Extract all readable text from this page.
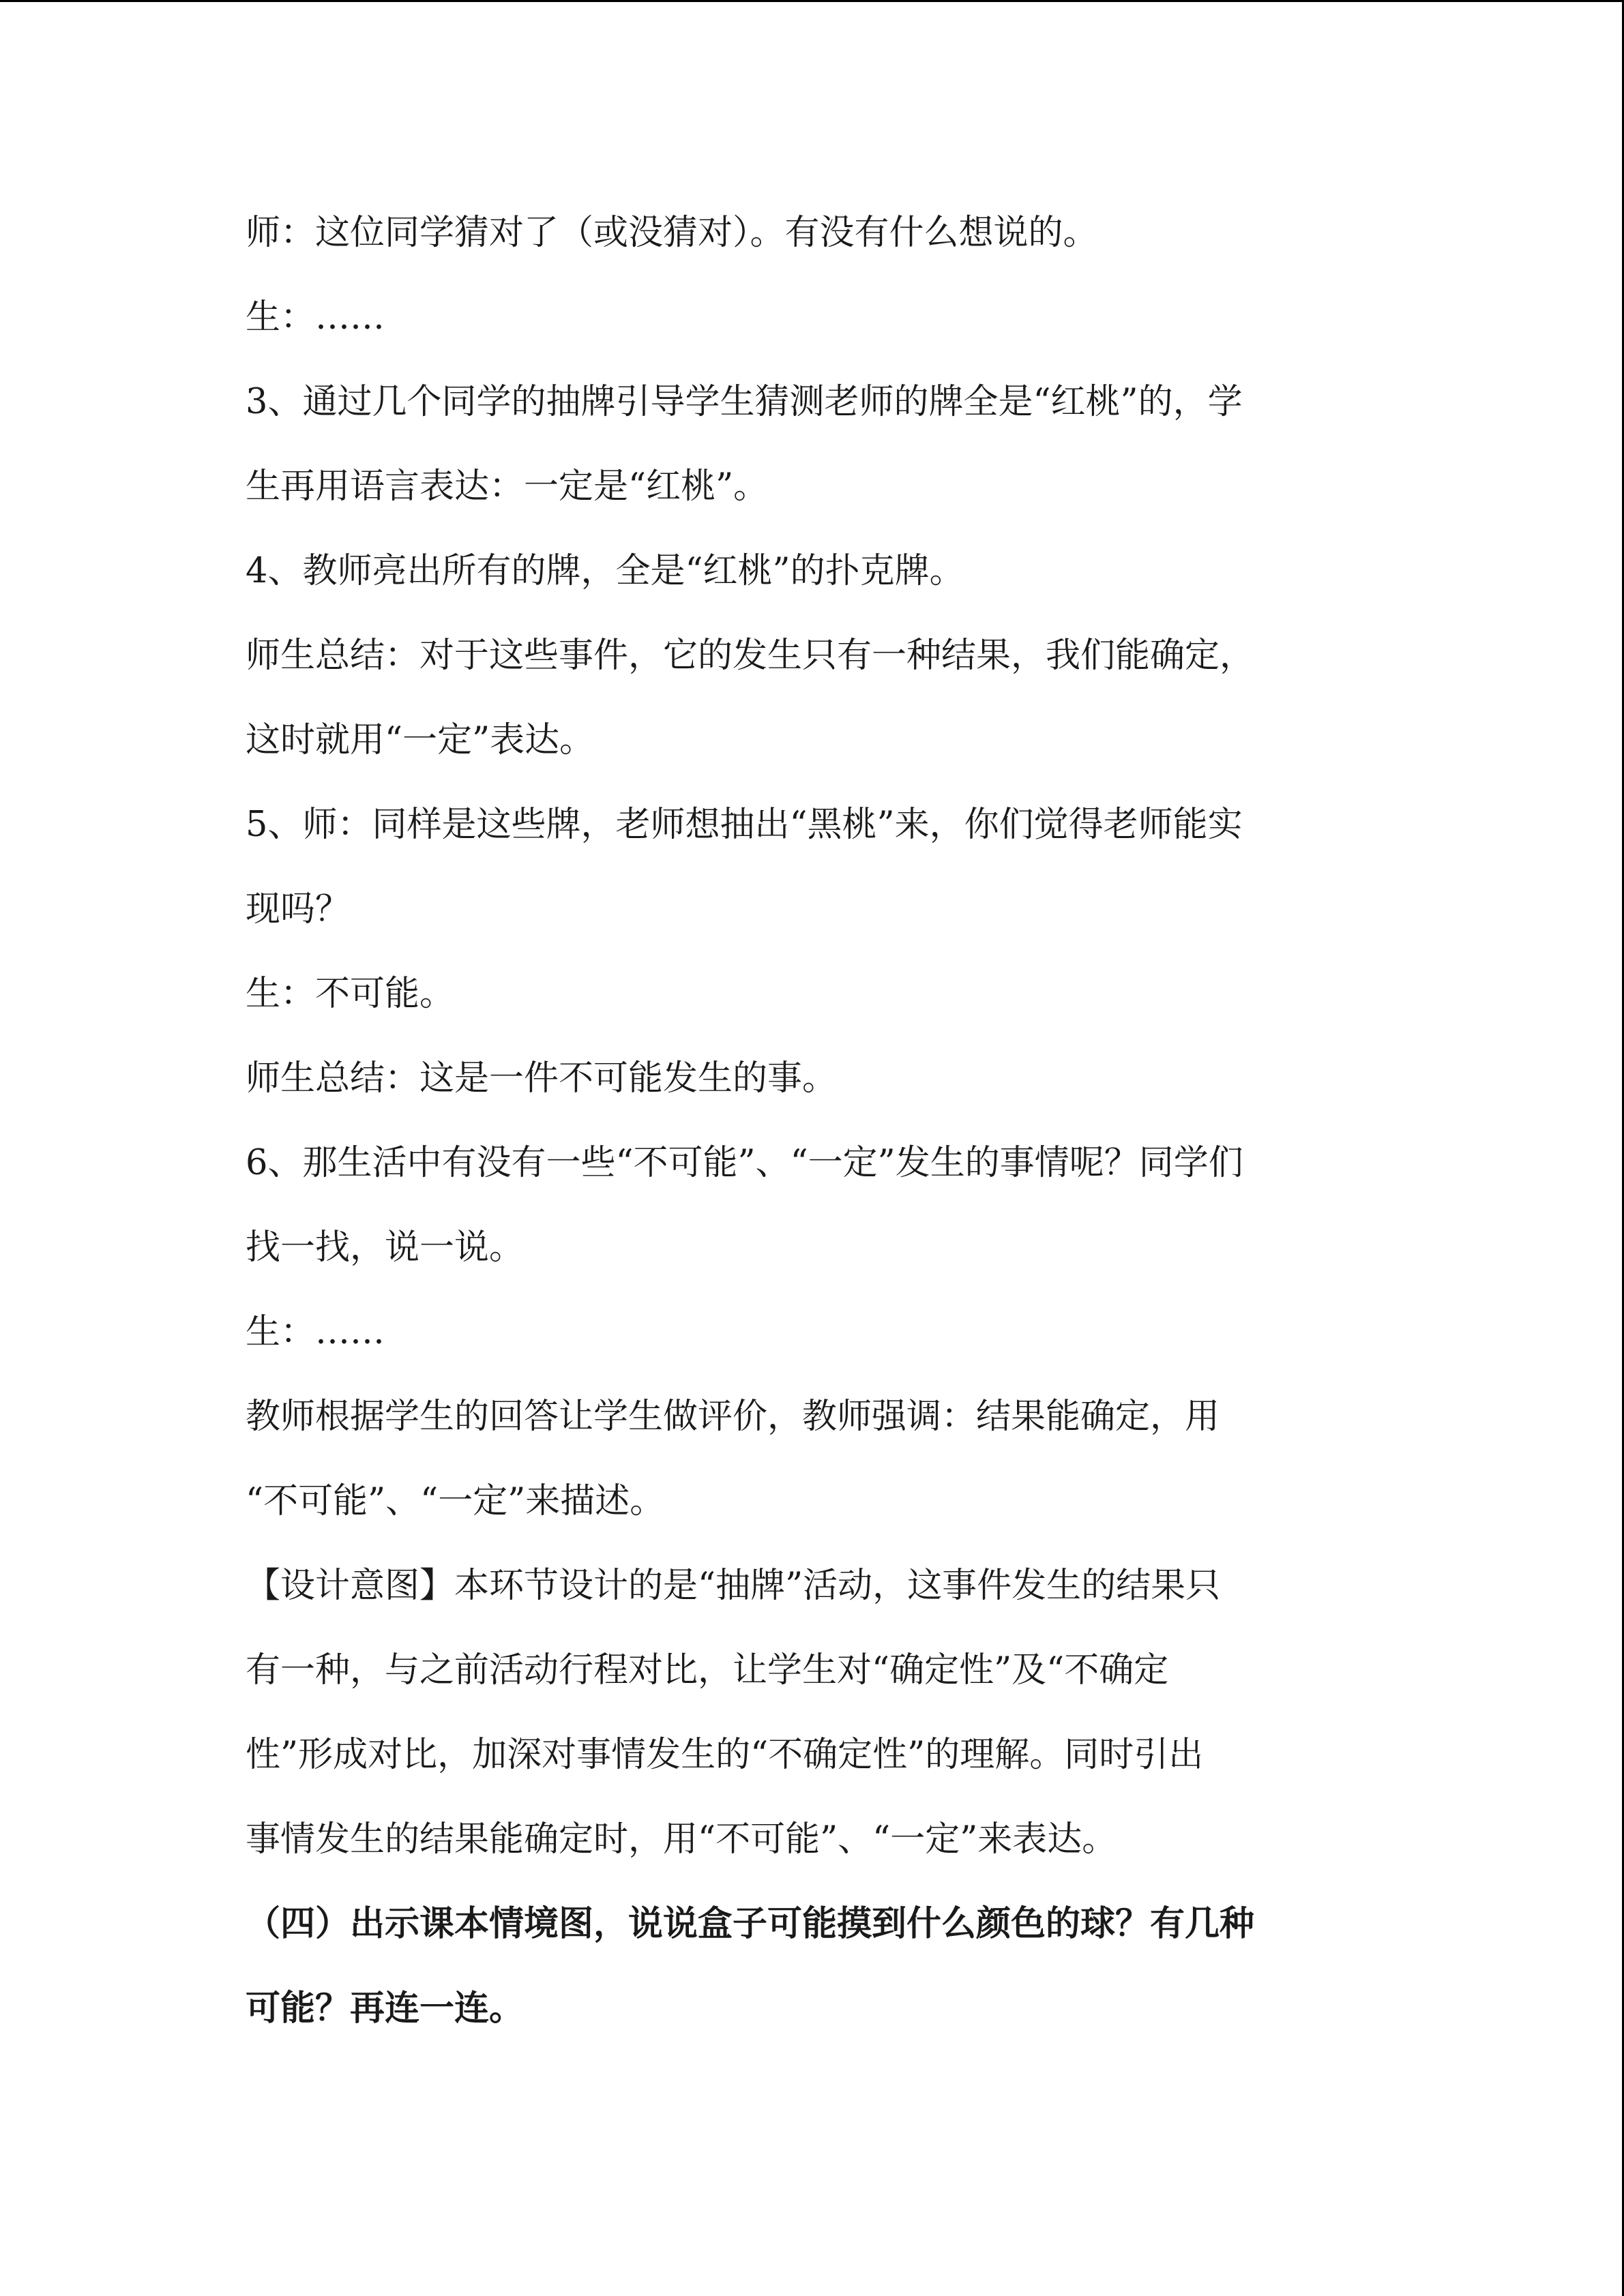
师：这位同学猜对了（或没猜对）。有没有什么想说的。
生：……
3、通过几个同学的抽牌引导学生猜测老师的牌全是“红桃”的，学
生再用语言表达：一定是“红桃”。
4、教师亮出所有的牌，全是“红桃”的扑克牌。
师生总结：对于这些事件，它的发生只有一种结果，我们能确定，
这时就用“一定”表达。
5、师：同样是这些牌，老师想抽出“黑桃”来，你们觉得老师能实
现吗？
生：不可能。
师生总结：这是一件不可能发生的事。
6、那生活中有没有一些“不可能”、“一定”发生的事情呢？同学们
找一找，说一说。
生：……
教师根据学生的回答让学生做评价，教师强调：结果能确定，用
“不可能”、“一定”来描述。
【设计意图】本环节设计的是“抽牌”活动，这事件发生的结果只
有一种，与之前活动行程对比，让学生对“确定性”及“不确定
性”形成对比，加深对事情发生的“不确定性”的理解。同时引出
事情发生的结果能确定时，用“不可能”、“一定”来表达。
（四）出示课本情境图，说说盒子可能摸到什么颜色的球？有几种
可能？再连一连。
